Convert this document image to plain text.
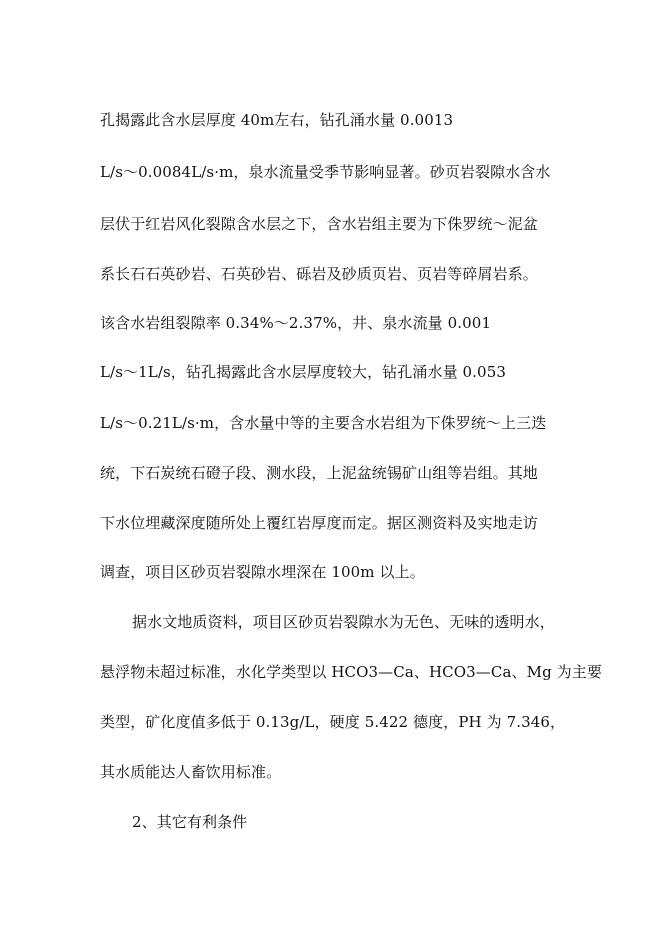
孔揭露此含水层厚度 40m左右，钻孔涌水量 0.0013
L/s～0.0084L/s·m，泉水流量受季节影响显著。砂页岩裂隙水含水
层伏于红岩风化裂隙含水层之下，含水岩组主要为下侏罗统～泥盆
系长石石英砂岩、石英砂岩、砾岩及砂质页岩、页岩等碎屑岩系。
该含水岩组裂隙率 0.34%～2.37%，井、泉水流量 0.001
L/s～1L/s，钻孔揭露此含水层厚度较大，钻孔涌水量 0.053
L/s～0.21L/s·m，含水量中等的主要含水岩组为下侏罗统～上三迭
统，下石炭统石磴子段、测水段，上泥盆统锡矿山组等岩组。其地
下水位埋藏深度随所处上覆红岩厚度而定。据区测资料及实地走访
调查，项目区砂页岩裂隙水埋深在 100m 以上。
据水文地质资料，项目区砂页岩裂隙水为无色、无味的透明水，
悬浮物未超过标准，水化学类型以 HCO3—Ca、HCO3—Ca、Mg 为主要
类型，矿化度值多低于 0.13g/L，硬度 5.422 德度，PH 为 7.346，
其水质能达人畜饮用标准。
2、其它有利条件
